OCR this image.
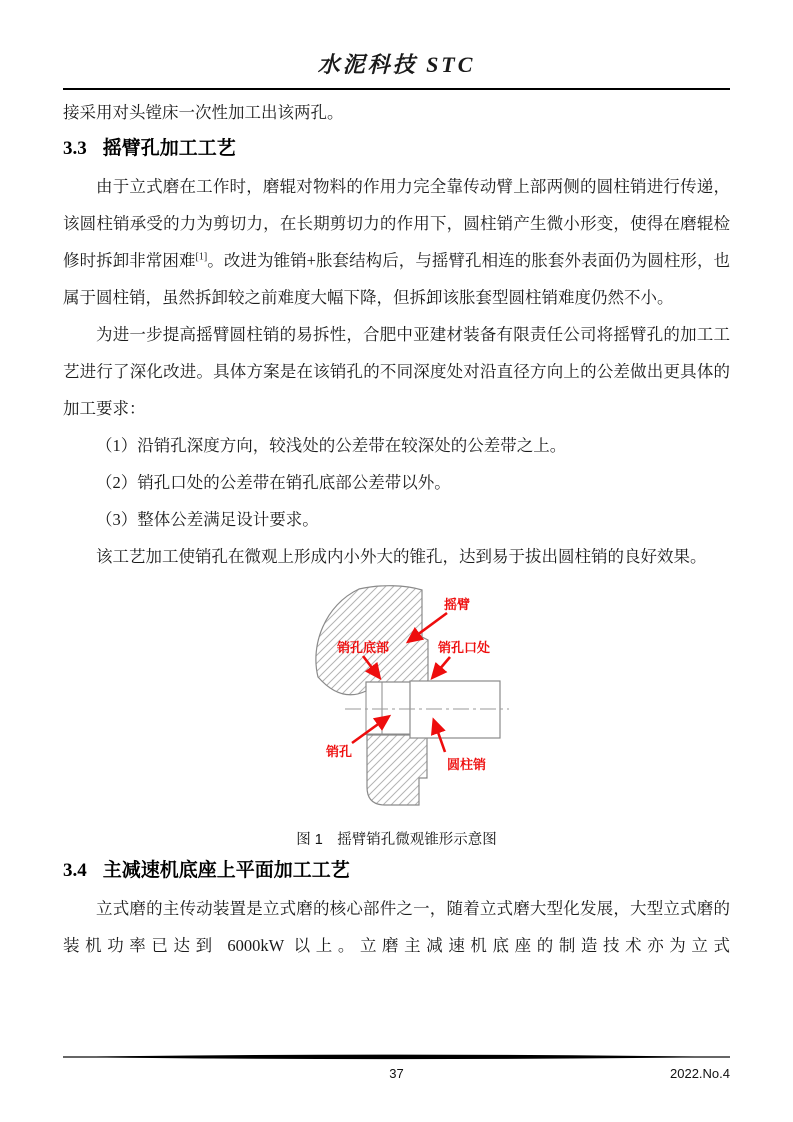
水泥科技 STC
接采用对头镗床一次性加工出该两孔。
3.3 摇臂孔加工工艺

由于立式磨在工作时，磨辊对物料的作用力完全靠传动臂上部两侧的圆柱销进行传递，该圆柱销承受的力为剪切力，在长期剪切力的作用下，圆柱销产生微小形变，使得在磨辊检修时拆卸非常困难[1]。改进为锥销+胀套结构后，与摇臂孔相连的胀套外表面仍为圆柱形，也属于圆柱销，虽然拆卸较之前难度大幅下降，但拆卸该胀套型圆柱销难度仍然不小。

为进一步提高摇臂圆柱销的易拆性，合肥中亚建材装备有限责任公司将摇臂孔的加工工艺进行了深化改进。具体方案是在该销孔的不同深度处对沿直径方向上的公差做出更具体的加工要求：

（1）沿销孔深度方向，较浅处的公差带在较深处的公差带之上。
（2）销孔口处的公差带在销孔底部公差带以外。
（3）整体公差满足设计要求。

该工艺加工使销孔在微观上形成内小外大的锥孔，达到易于拔出圆柱销的良好效果。

摇臂
销孔底部	销孔口处
销孔
圆柱销
图 1　摇臂销孔微观锥形示意图
3.4 主减速机底座上平面加工工艺

立式磨的主传动装置是立式磨的核心部件之一，随着立式磨大型化发展，大型立式磨的装机功率已达到 6000kW 以上。立磨主减速机底座的制造技术亦为立式

37	2022.No.4
